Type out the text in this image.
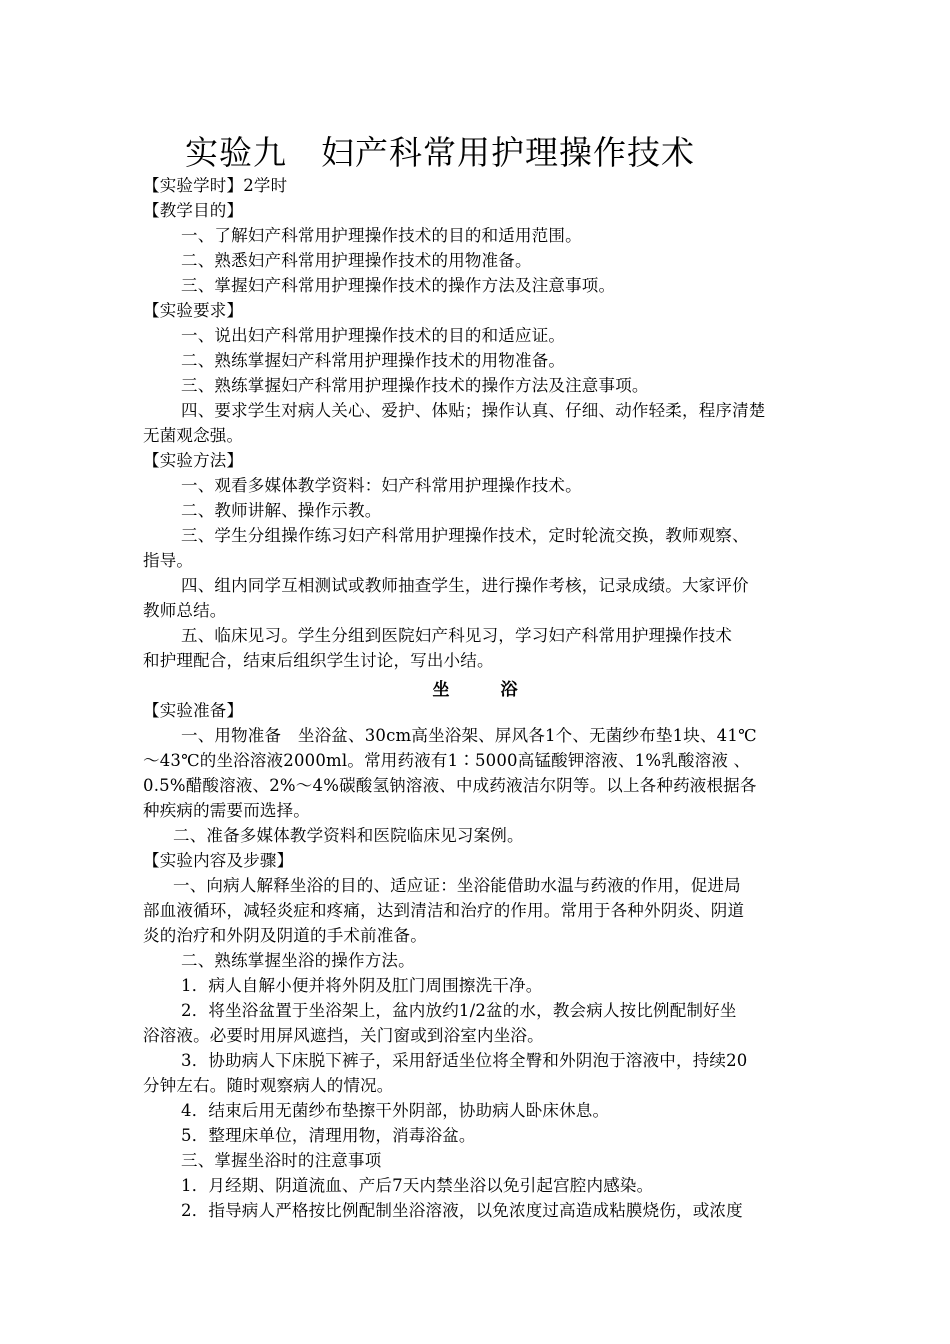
实验九　妇产科常用护理操作技术
【实验学时】2学时
【教学目的】
一、了解妇产科常用护理操作技术的目的和适用范围。
二、熟悉妇产科常用护理操作技术的用物准备。
三、掌握妇产科常用护理操作技术的操作方法及注意事项。
【实验要求】
一、说出妇产科常用护理操作技术的目的和适应证。
二、熟练掌握妇产科常用护理操作技术的用物准备。
三、熟练掌握妇产科常用护理操作技术的操作方法及注意事项。
四、要求学生对病人关心、爱护、体贴；操作认真、仔细、动作轻柔，程序清楚
无菌观念强。
【实验方法】
一、观看多媒体教学资料：妇产科常用护理操作技术。
二、教师讲解、操作示教。
三、学生分组操作练习妇产科常用护理操作技术，定时轮流交换，教师观察、
指导。
四、组内同学互相测试或教师抽查学生，进行操作考核，记录成绩。大家评价
教师总结。
五、临床见习。学生分组到医院妇产科见习，学习妇产科常用护理操作技术
和护理配合，结束后组织学生讨论，写出小结。
坐　　　浴
【实验准备】
一、用物准备　坐浴盆、30cm高坐浴架、屏风各1个、无菌纱布垫1块、41℃
～43℃的坐浴溶液2000ml。常用药液有1∶5000高锰酸钾溶液、1%乳酸溶液 、
0.5%醋酸溶液、2%～4%碳酸氢钠溶液、中成药液洁尔阴等。以上各种药液根据各
种疾病的需要而选择。
二、准备多媒体教学资料和医院临床见习案例。
【实验内容及步骤】
一、向病人解释坐浴的目的、适应证：坐浴能借助水温与药液的作用，促进局
部血液循环，减轻炎症和疼痛，达到清洁和治疗的作用。常用于各种外阴炎、阴道
炎的治疗和外阴及阴道的手术前准备。
二、熟练掌握坐浴的操作方法。
1．病人自解小便并将外阴及肛门周围擦洗干净。
2．将坐浴盆置于坐浴架上，盆内放约1/2盆的水，教会病人按比例配制好坐
浴溶液。必要时用屏风遮挡，关门窗或到浴室内坐浴。
3．协助病人下床脱下裤子，采用舒适坐位将全臀和外阴泡于溶液中，持续20
分钟左右。随时观察病人的情况。
4．结束后用无菌纱布垫擦干外阴部，协助病人卧床休息。
5．整理床单位，清理用物，消毒浴盆。
三、掌握坐浴时的注意事项
1．月经期、阴道流血、产后7天内禁坐浴以免引起宫腔内感染。
2．指导病人严格按比例配制坐浴溶液，以免浓度过高造成粘膜烧伤，或浓度
